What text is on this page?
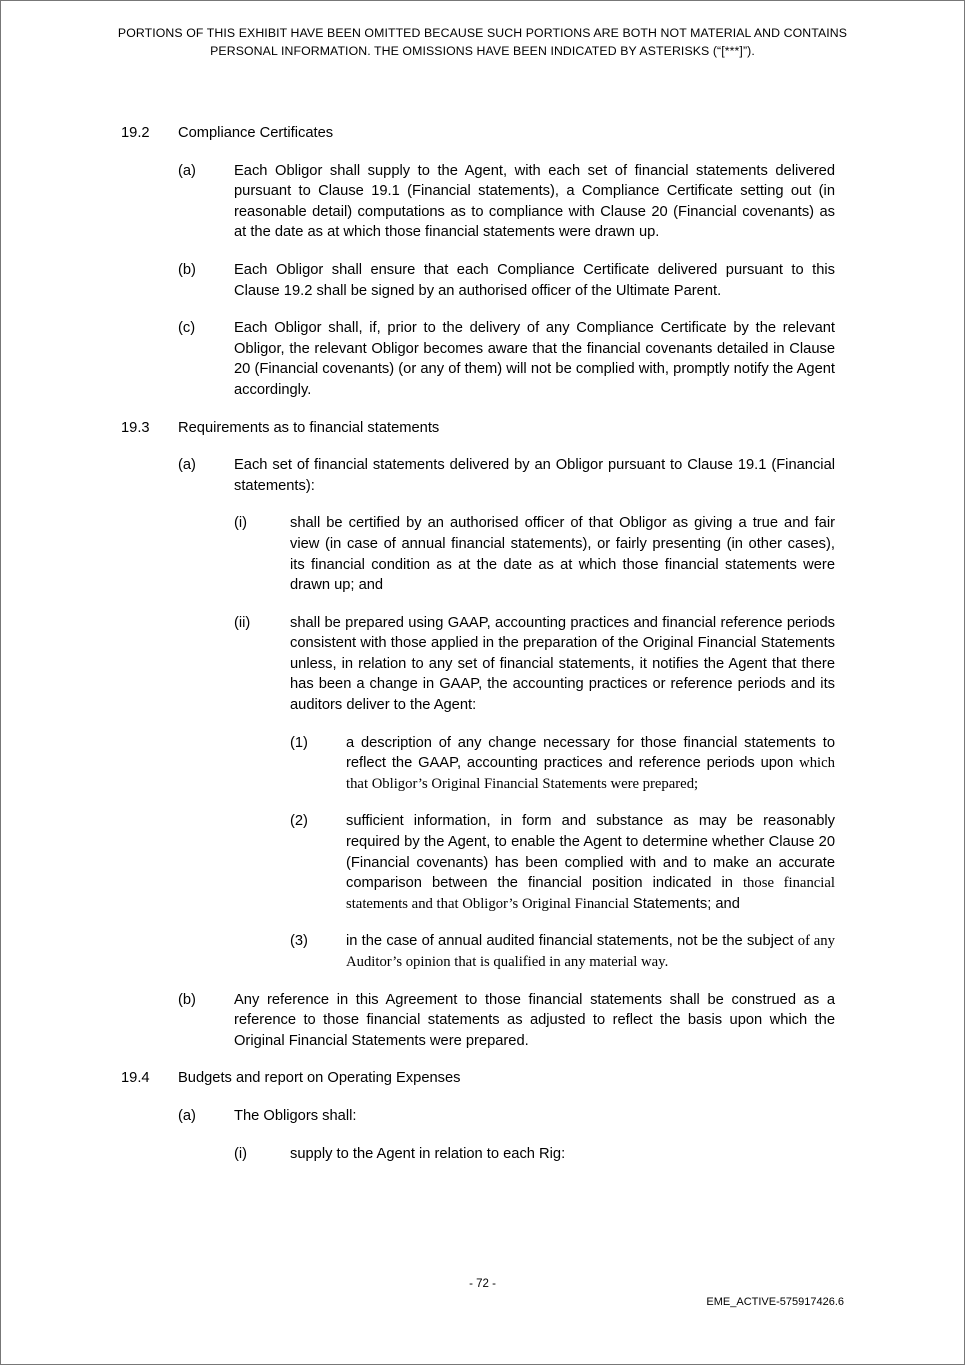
PORTIONS OF THIS EXHIBIT HAVE BEEN OMITTED BECAUSE SUCH PORTIONS ARE BOTH NOT MATERIAL AND CONTAINS PERSONAL INFORMATION. THE OMISSIONS HAVE BEEN INDICATED BY ASTERISKS (“[***]”).
19.2	Compliance Certificates
(a)	Each Obligor shall supply to the Agent, with each set of financial statements delivered pursuant to Clause 19.1 (Financial statements), a Compliance Certificate setting out (in reasonable detail) computations as to compliance with Clause 20 (Financial covenants) as at the date as at which those financial statements were drawn up.
(b)	Each Obligor shall ensure that each Compliance Certificate delivered pursuant to this Clause 19.2 shall be signed by an authorised officer of the Ultimate Parent.
(c)	Each Obligor shall, if, prior to the delivery of any Compliance Certificate by the relevant Obligor, the relevant Obligor becomes aware that the financial covenants detailed in Clause 20 (Financial covenants) (or any of them) will not be complied with, promptly notify the Agent accordingly.
19.3	Requirements as to financial statements
(a)	Each set of financial statements delivered by an Obligor pursuant to Clause 19.1 (Financial statements):
(i)	shall be certified by an authorised officer of that Obligor as giving a true and fair view (in case of annual financial statements), or fairly presenting (in other cases), its financial condition as at the date as at which those financial statements were drawn up; and
(ii)	shall be prepared using GAAP, accounting practices and financial reference periods consistent with those applied in the preparation of the Original Financial Statements unless, in relation to any set of financial statements, it notifies the Agent that there has been a change in GAAP, the accounting practices or reference periods and its auditors deliver to the Agent:
(1)	a description of any change necessary for those financial statements to reflect the GAAP, accounting practices and reference periods upon which that Obligor’s Original Financial Statements were prepared;
(2)	sufficient information, in form and substance as may be reasonably required by the Agent, to enable the Agent to determine whether Clause 20 (Financial covenants) has been complied with and to make an accurate comparison between the financial position indicated in those financial statements and that Obligor’s Original Financial Statements; and
(3)	in the case of annual audited financial statements, not be the subject of any Auditor’s opinion that is qualified in any material way.
(b)	Any reference in this Agreement to those financial statements shall be construed as a reference to those financial statements as adjusted to reflect the basis upon which the Original Financial Statements were prepared.
19.4	Budgets and report on Operating Expenses
(a)	The Obligors shall:
(i)	supply to the Agent in relation to each Rig:
- 72 -
EME_ACTIVE-575917426.6
